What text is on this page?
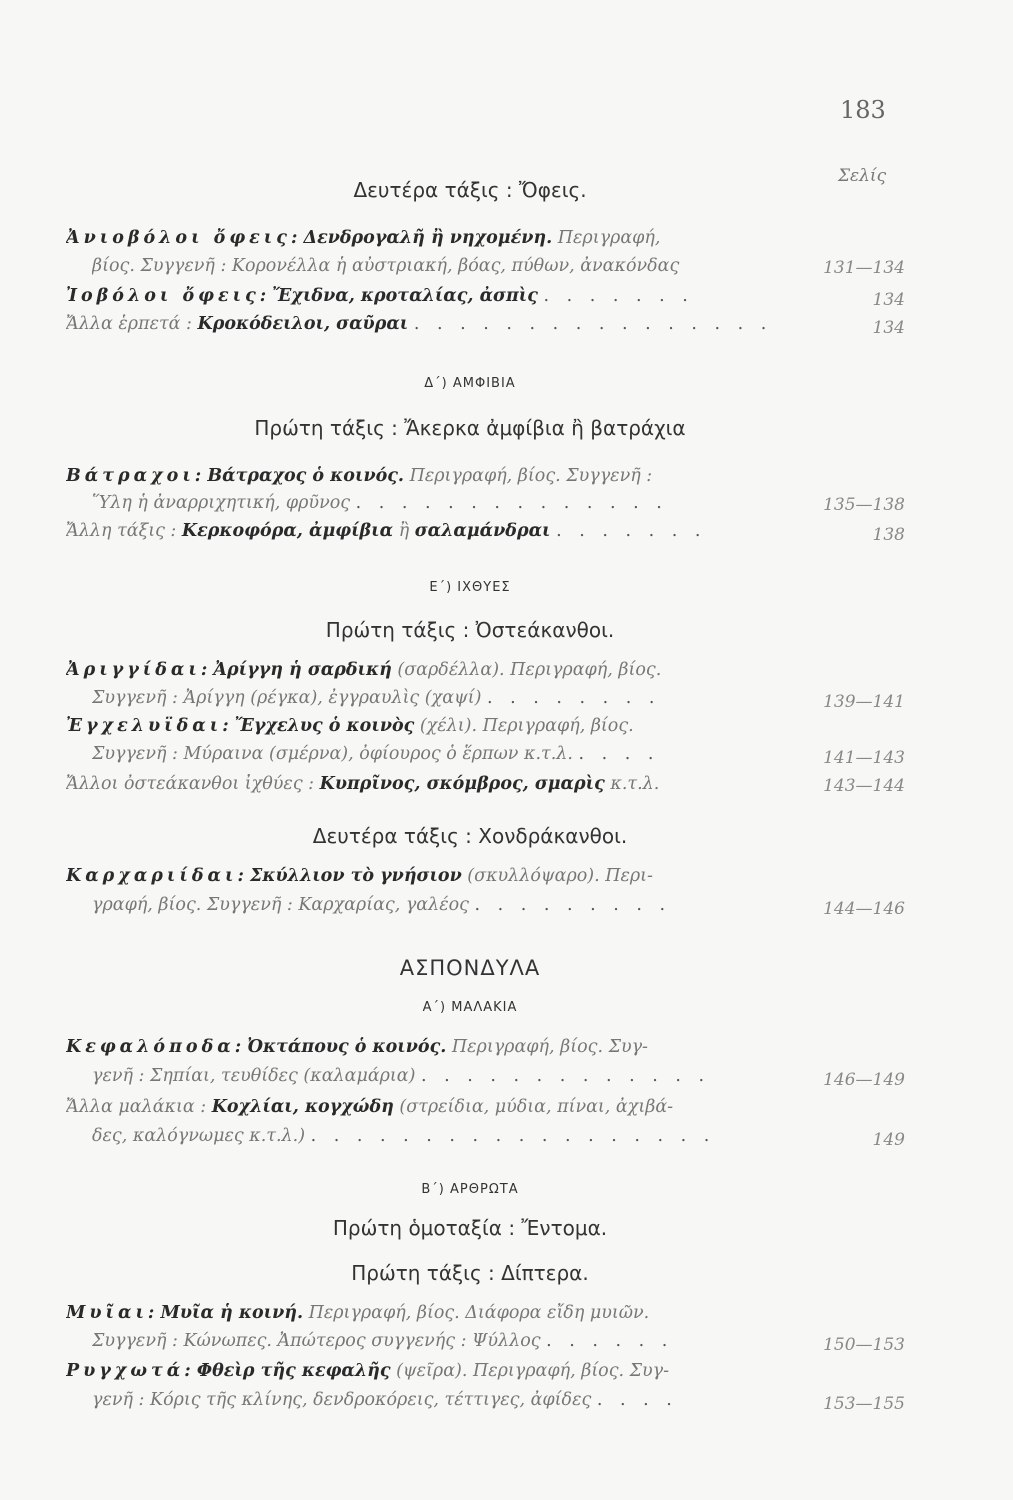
183
Σελίς
Δευτέρα τάξις : Ὄφεις.
Ἀνιοβόλοι ὄφεις: Δενδρογαλῆ ἢ νηχομένη. Περιγραφή,
βίος. Συγγενῆ : Κορονέλλα ἡ αὐστριακή, βόας, πύθων, ἀνακόνδας	131—134
Ἰοβόλοι ὄφεις: Ἔχιδνα, κροταλίας, ἀσπὶς . . . . . . .	134
Ἄλλα ἑρπετά : Κροκόδειλοι, σαῦραι . . . . . . . . . . . . . . . .	134
Δ΄) ΑΜΦΙΒΙΑ
Πρώτη τάξις : Ἄκερκα ἀμφίβια ἢ βατράχια
Βάτραχοι: Βάτραχος ὁ κοινός. Περιγραφή, βίος. Συγγενῆ :
Ὕλη ἡ ἀναρριχητική, φρῦνος . . . . . . . . . . . . . .	135—138
Ἄλλη τάξις : Κερκοφόρα, ἀμφίβια ἢ σαλαμάνδραι . . . . . . .	138
Ε΄) ΙΧΘΥΕΣ
Πρώτη τάξις : Ὀστεάκανθοι.
Ἀριγγίδαι: Ἀρίγγη ἡ σαρδική (σαρδέλλα). Περιγραφή, βίος.
Συγγενῆ : Ἀρίγγη (ρέγκα), ἐγγραυλὶς (χαψί) . . . . . . . .	139—141
Ἐγχελυΐδαι: Ἔγχελυς ὁ κοινὸς (χέλι). Περιγραφή, βίος.
Συγγενῆ : Μύραινα (σμέρνα), ὀφίουρος ὁ ἕρπων κ.τ.λ. . . . .	141—143
Ἄλλοι ὀστεάκανθοι ἰχθύες : Κυπρῖνος, σκόμβρος, σμαρὶς κ.τ.λ.	143—144
Δευτέρα τάξις : Χονδράκανθοι.
Καρχαριίδαι: Σκύλλιον τὸ γνήσιον (σκυλλόψαρο). Περι-
γραφή, βίος. Συγγενῆ : Καρχαρίας, γαλέος . . . . . . . . .	144—146
ΑΣΠΟΝΔΥΛΑ
Α΄) ΜΑΛΑΚΙΑ
Κεφαλόποδα: Ὀκτάπους ὁ κοινός. Περιγραφή, βίος. Συγ-
γενῆ : Σηπίαι, τευθίδες (καλαμάρια) . . . . . . . . . . . . .	146—149
Ἄλλα μαλάκια : Κοχλίαι, κογχώδη (στρείδια, μύδια, πίναι, ἀχιβά-
δες, καλόγνωμες κ.τ.λ.) . . . . . . . . . . . . . . . . . .	149
Β΄) ΑΡΘΡΩΤΑ
Πρώτη ὁμοταξία : Ἔντομα.
Πρώτη τάξις : Δίπτερα.
Μυῖαι: Μυῖα ἡ κοινή. Περιγραφή, βίος. Διάφορα εἴδη μυιῶν.
Συγγενῆ : Κώνωπες. Ἀπώτερος συγγενής : Ψύλλος . . . . . .	150—153
Ρυγχωτά: Φθεὶρ τῆς κεφαλῆς (ψεῖρα). Περιγραφή, βίος. Συγ-
γενῆ : Κόρις τῆς κλίνης, δενδροκόρεις, τέττιγες, ἀφίδες . . . .	153—155
